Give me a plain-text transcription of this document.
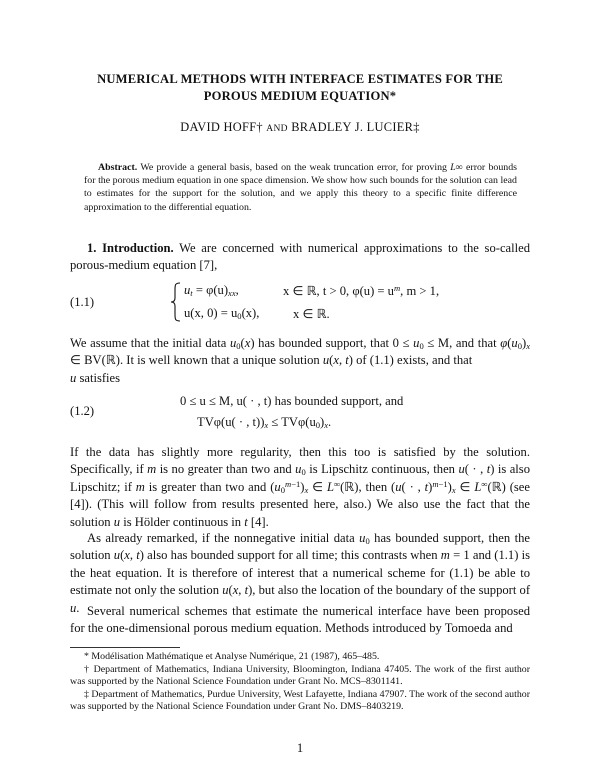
NUMERICAL METHODS WITH INTERFACE ESTIMATES FOR THE
POROUS MEDIUM EQUATION*
DAVID HOFF† AND BRADLEY J. LUCIER‡

Abstract. We provide a general basis, based on the weak truncation error, for proving L∞ error bounds for the porous medium equation in one space dimension. We show how such bounds for the solution can lead to estimates for the support for the solution, and we apply this theory to a specific finite difference approximation to the differential equation.

1. Introduction. We are concerned with numerical approximations to the so-called porous-medium equation [7],

(1.1)
$u_t = \varphi(u)_{xx}$,	x ∈ ℝ, t > 0, $\varphi(u) = u^m$, m > 1,
u(x, $0) = u_0(x)$,	x ∈ ℝ.

We assume that the initial data $u_0(x)$ has bounded support, that $0 \le u_0 \le M$, and that $\varphi(u_0)_x$ ∈ BV(ℝ). It is well known that a unique solution u(x, t) of (1.1) exists, and that
u satisfies

(1.2)
0 ≤ u ≤ M, u( · , t) has bounded support, and
TVφ(u( · , $t))_x \le TV\varphi(u_0)_x$.

If the data has slightly more regularity, then this too is satisfied by the solution. Specifically, if m is no greater than two and $u_0$ is Lipschitz continuous, then u( · , t) is also Lipschitz; if m is greater than two and $(u_0^{m-1})_x$ ∈ L∞(ℝ), then (u( · , $t)^{m-1})_x$ ∈ L∞(ℝ) (see [4]). (This will follow from results presented here, also.) We also use the fact that the solution u is Hölder continuous in t [4].

As already remarked, if the nonnegative initial data $u_0$ has bounded support, then the solution u(x, t) also has bounded support for all time; this contrasts when m = 1 and (1.1) is the heat equation. It is therefore of interest that a numerical scheme for (1.1) be able to estimate not only the solution u(x, t), but also the location of the boundary of the support of u. Several numerical schemes that estimate the numerical interface have been proposed for the one-dimensional porous medium equation. Methods introduced by Tomoeda and

* Modélisation Mathématique et Analyse Numérique, 21 (1987), 465–485.

† Department of Mathematics, Indiana University, Bloomington, Indiana 47405. The work of the first author was supported by the National Science Foundation under Grant No. MCS–8301141.

‡ Department of Mathematics, Purdue University, West Lafayette, Indiana 47907. The work of the second author was supported by the National Science Foundation under Grant No. DMS–8403219.

1
